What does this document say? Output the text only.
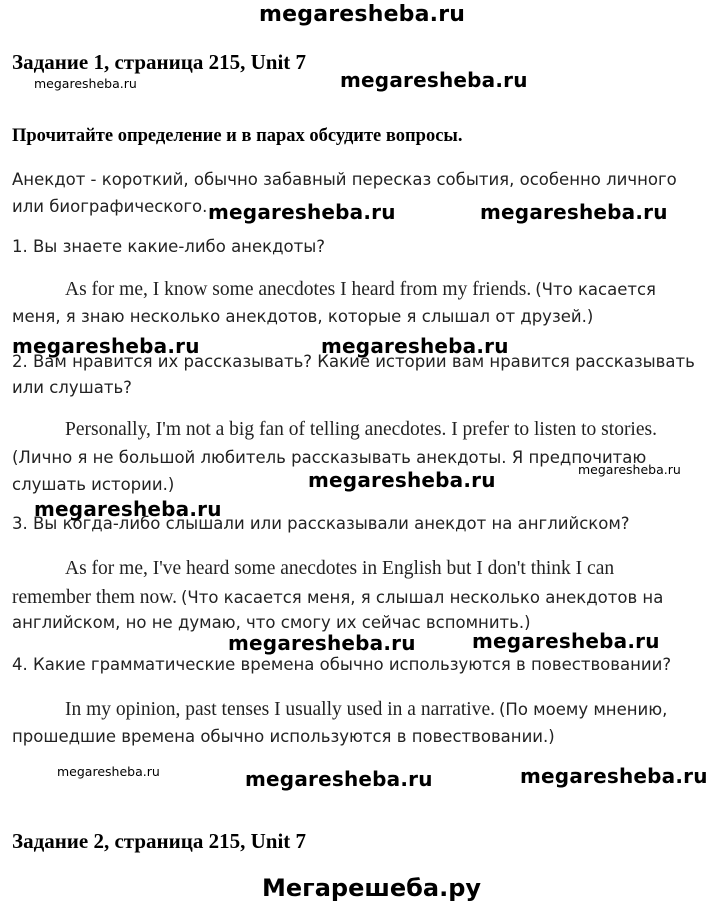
megaresheba.ru
Задание 1, страница 215, Unit 7
megaresheba.ru	megaresheba.ru
Прочитайте определение и в парах обсудите вопросы.
Анекдот - короткий, обычно забавный пересказ события, особенно личного
или биографического. megaresheba.ru	megaresheba.ru
1. Вы знаете какие-либо анекдоты?
As for me, I know some anecdotes I heard from my friends. (Что касается
меня, я знаю несколько анекдотов, которые я слышал от друзей.)
megaresheba.ru	megaresheba.ru
2. Вам нравится их рассказывать? Какие истории вам нравится рассказывать
или слушать?
Personally, I'm not a big fan of telling anecdotes. I prefer to listen to stories.
(Лично я не большой любитель рассказывать анекдоты. Я предпочитаю
megaresheba.ru
слушать истории.)	megaresheba.ru
megaresheba.ru
3. Вы когда-либо слышали или рассказывали анекдот на английском?
As for me, I've heard some anecdotes in English but I don't think I can
remember them now. (Что касается меня, я слышал несколько анекдотов на
английском, но не думаю, что смогу их сейчас вспомнить.)
megaresheba.ru	megaresheba.ru
4. Какие грамматические времена обычно используются в повествовании?
In my opinion, past tenses I usually used in a narrative. (По моему мнению,
прошедшие времена обычно используются в повествовании.)
megaresheba.ru	megaresheba.ru	megaresheba.ru
Задание 2, страница 215, Unit 7
Мегарешеба.ру
